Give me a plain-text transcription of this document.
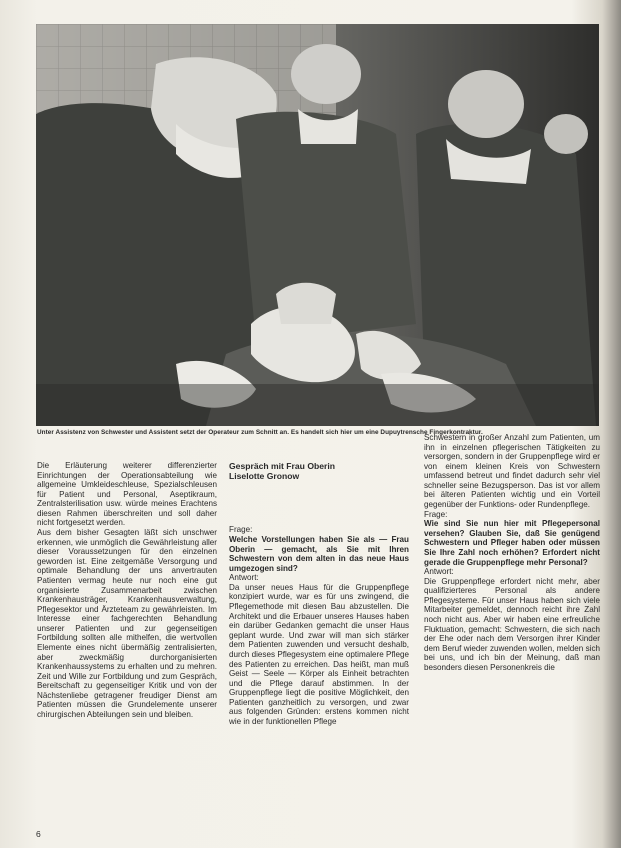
Unter Assistenz von Schwester und Assistent setzt der Operateur zum Schnitt an. Es handelt sich hier um eine Dupuytrensche Fingerkontraktur.

Die Erläuterung weiterer differenzierter Einrichtungen der Operationsabteilung wie allgemeine Umkleideschleuse, Spezialschleusen für Patient und Personal, Aseptikraum, Zentralsterilisation usw. würde meines Erachtens diesen Rahmen überschreiten und soll daher nicht fortgesetzt werden.

Aus dem bisher Gesagten läßt sich unschwer erkennen, wie unmöglich die Gewährleistung aller dieser Voraussetzungen für den einzelnen geworden ist. Eine zeitgemäße Versorgung und optimale Behandlung der uns anvertrauten Patienten vermag heute nur noch eine gut organisierte Zusammenarbeit zwischen Krankenhausträger, Krankenhausverwaltung, Pflegesektor und Ärzteteam zu gewährleisten. Im Interesse einer fachgerechten Behandlung unserer Patienten und zur gegenseitigen Fortbildung sollten alle mithelfen, die wertvollen Elemente eines nicht übermäßig zentralisierten, aber zweckmäßig durchorganisierten Krankenhaussystems zu erhalten und zu mehren. Zeit und Wille zur Fortbildung und zum Gespräch, Bereitschaft zu gegenseitiger Kritik und von der Nächstenliebe getragener freudiger Dienst am Patienten müssen die Grundelemente unserer chirurgischen Abteilungen sein und bleiben.

Gespräch mit Frau Oberin

Liselotte Gronow

Frage:

Welche Vorstellungen haben Sie als — Frau Oberin — gemacht, als Sie mit Ihren Schwestern von dem alten in das neue Haus umgezogen sind?

Antwort:

Da unser neues Haus für die Gruppenpflege konzipiert wurde, war es für uns zwingend, die Pflegemethode mit diesen Bau abzustellen. Die Architekt und die Erbauer unseres Hauses haben ein darüber Gedanken gemacht die unser Haus geplant wurde. Und zwar will man sich stärker dem Patienten zuwenden und versucht deshalb, durch dieses Pflegesystem eine optimalere Pflege des Patienten zu erreichen. Das heißt, man muß Geist — Seele — Körper als Einheit betrachten und die Pflege darauf abstimmen. In der Gruppenpflege liegt die positive Möglichkeit, den Patienten ganzheitlich zu versorgen, und zwar aus folgenden Gründen: erstens kommen nicht wie in der funktionellen Pflege

Schwestern in großer Anzahl zum Patienten, um ihn in einzelnen pflegerischen Tätigkeiten zu versorgen, sondern in der Gruppenpflege wird er von einem kleinen Kreis von Schwestern umfassend betreut und findet dadurch sehr viel schneller seine Bezugsperson. Das ist vor allem bei älteren Patienten wichtig und ein Vorteil gegenüber der Funktions- oder Rundenpflege.

Frage:

Wie sind Sie nun hier mit Pflegepersonal versehen? Glauben Sie, daß Sie genügend Schwestern und Pfleger haben oder müssen Sie Ihre Zahl noch erhöhen? Erfordert nicht gerade die Gruppenpflege mehr Personal?

Antwort:

Die Gruppenpflege erfordert nicht mehr, aber qualifizierteres Personal als andere Pflegesysteme. Für unser Haus haben sich viele Mitarbeiter gemeldet, dennoch reicht ihre Zahl noch nicht aus. Aber wir haben eine erfreuliche Fluktuation, gemacht: Schwestern, die sich nach der Ehe oder nach dem Versorgen ihrer Kinder dem Beruf wieder zuwenden wollen, melden sich bei uns, und ich bin der Meinung, daß man besonders diesen Personenkreis die

6
